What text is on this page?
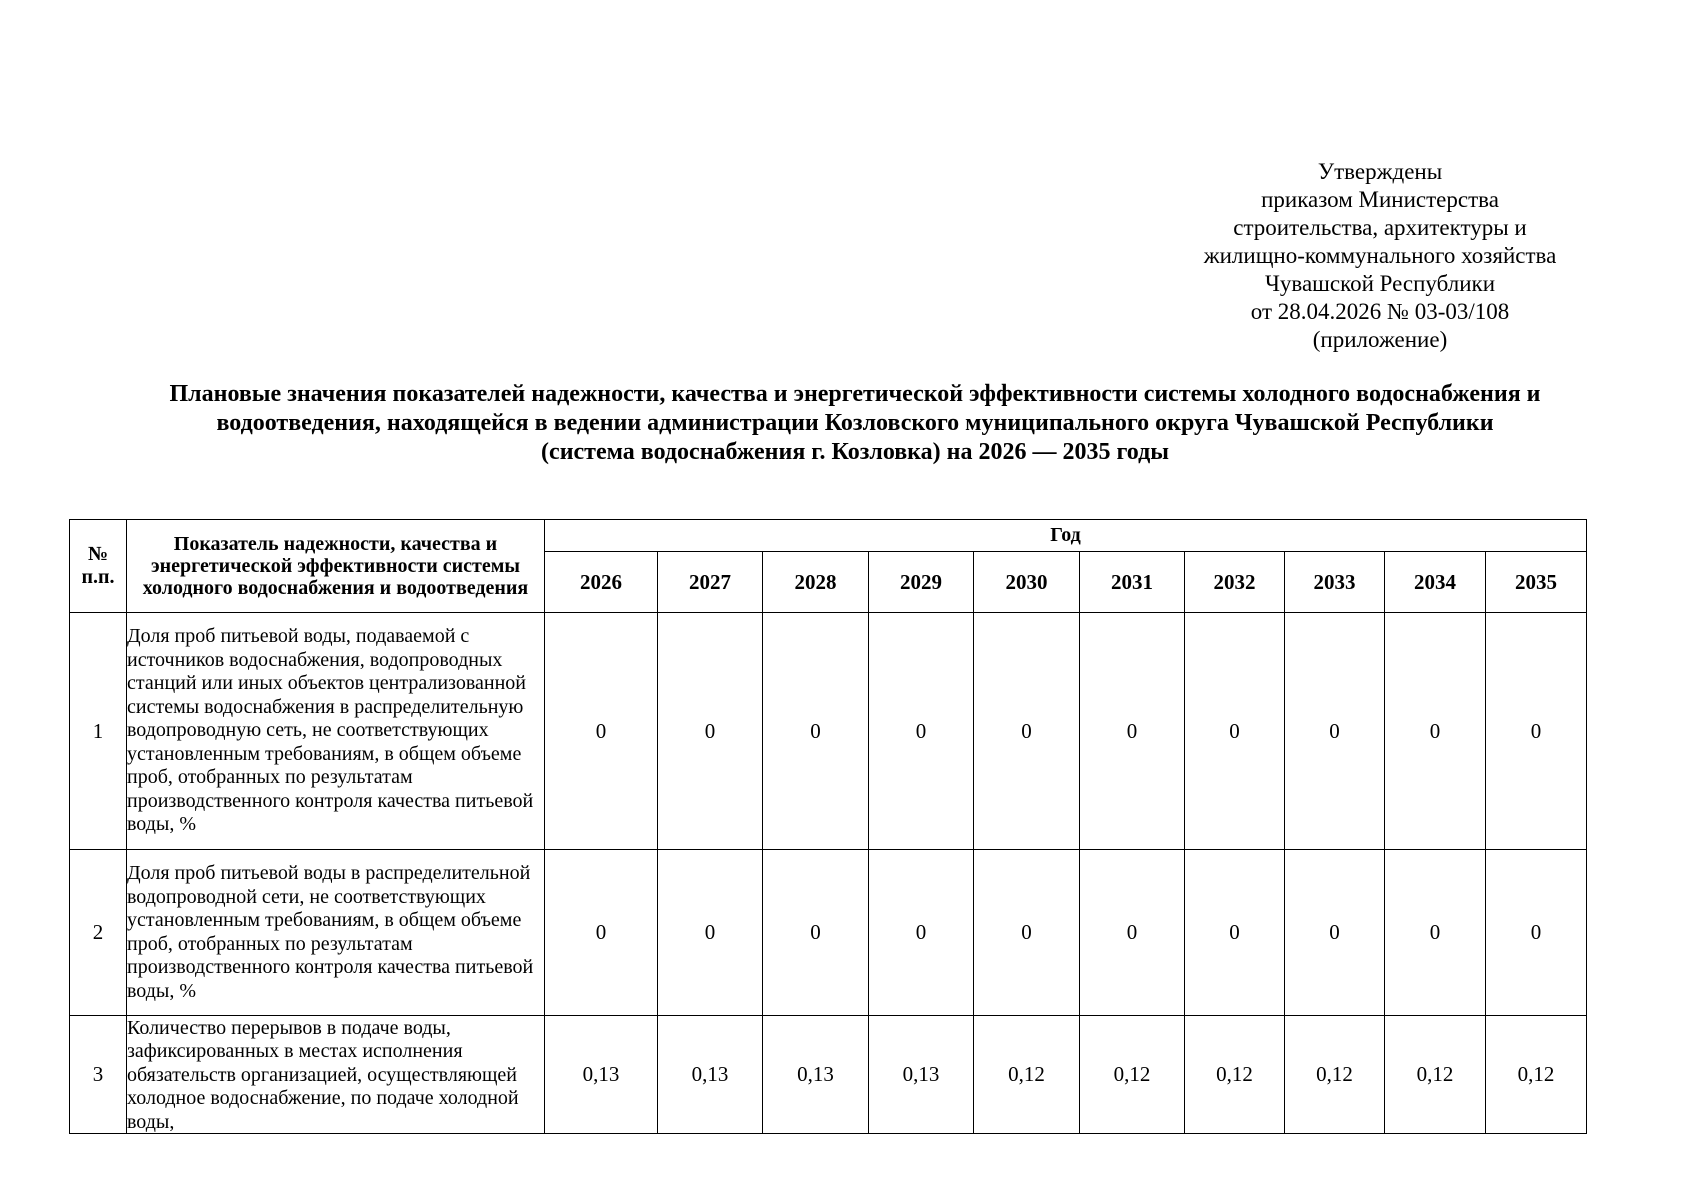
Утверждены
приказом Министерства
строительства, архитектуры и
жилищно-коммунального хозяйства
Чувашской Республики
от 28.04.2026 № 03-03/108
(приложение)
Плановые значения показателей надежности, качества и энергетической эффективности системы холодного водоснабжения и
водоотведения, находящейся в ведении администрации Козловского муниципального округа Чувашской Республики
(система водоснабжения г. Козловка) на 2026 — 2035 годы
№ п.п.	Показатель надежности, качества и энергетической эффективности системы холодного водоснабжения и водоотведения	Год									
		2026	2027	2028	2029	2030	2031	2032	2033	2034	2035
1	Доля проб питьевой воды, подаваемой с источников водоснабжения, водопроводных станций или иных объектов централизованной системы водоснабжения в распределительную водопроводную сеть, не соответствующих установленным требованиям, в общем объеме проб, отобранных по результатам производственного контроля качества питьевой воды, %	0	0	0	0	0	0	0	0	0	0
2	Доля проб питьевой воды в распределительной водопроводной сети, не соответствующих установленным требованиям, в общем объеме проб, отобранных по результатам производственного контроля качества питьевой воды, %	0	0	0	0	0	0	0	0	0	0
3	Количество перерывов в подаче воды, зафиксированных в местах исполнения обязательств организацией, осуществляющей холодное водоснабжение, по подаче холодной воды,	0,13	0,13	0,13	0,13	0,12	0,12	0,12	0,12	0,12	0,12
